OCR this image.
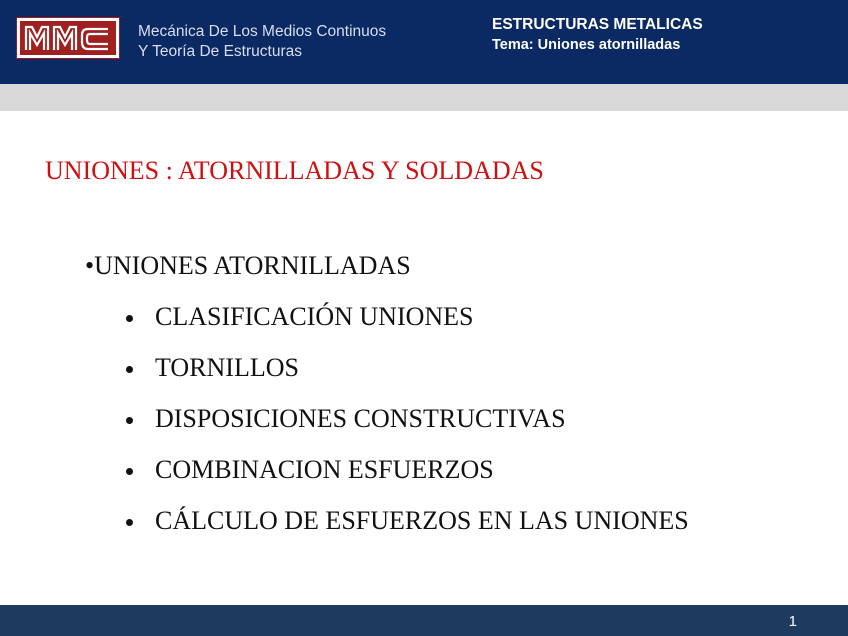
Mecánica De Los Medios Continuos
Y Teoría De Estructuras
ESTRUCTURAS METALICAS
Tema: Uniones atornilladas
UNIONES : ATORNILLADAS Y SOLDADAS
•UNIONES ATORNILLADAS
CLASIFICACIÓN UNIONES
TORNILLOS
DISPOSICIONES CONSTRUCTIVAS
COMBINACION ESFUERZOS
CÁLCULO DE ESFUERZOS EN LAS UNIONES
1
